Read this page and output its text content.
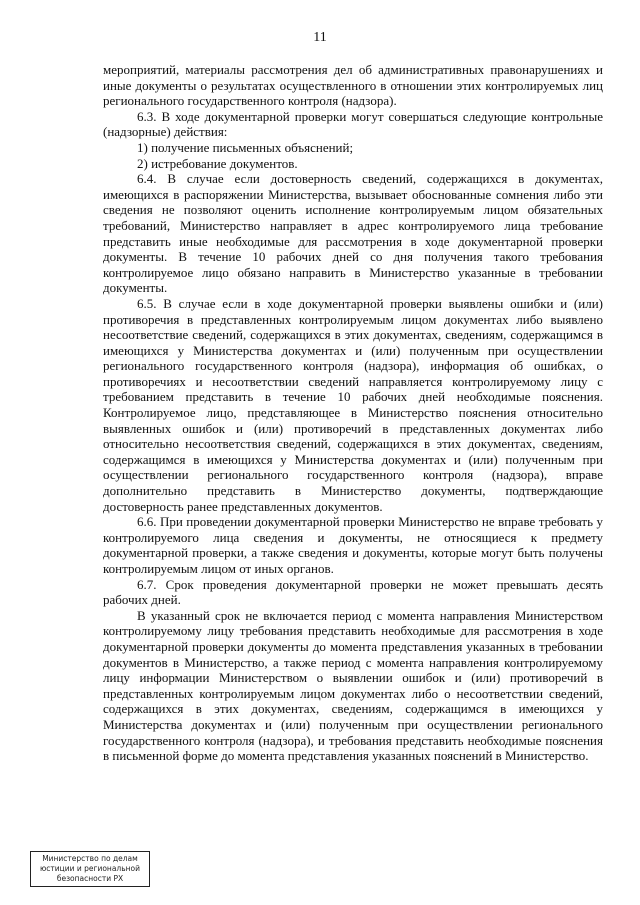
11

мероприятий, материалы рассмотрения дел об административных правонарушениях и иные документы о результатах осуществленного в отношении этих контролируемых лиц регионального государственного контроля (надзора).

6.3. В ходе документарной проверки могут совершаться следующие контрольные (надзорные) действия:

1) получение письменных объяснений;

2) истребование документов.

6.4. В случае если достоверность сведений, содержащихся в документах, имеющихся в распоряжении Министерства, вызывает обоснованные сомнения либо эти сведения не позволяют оценить исполнение контролируемым лицом обязательных требований, Министерство направляет в адрес контролируемого лица требование представить иные необходимые для рассмотрения в ходе документарной проверки документы. В течение 10 рабочих дней со дня получения такого требования контролируемое лицо обязано направить в Министерство указанные в требовании документы.

6.5. В случае если в ходе документарной проверки выявлены ошибки и (или) противоречия в представленных контролируемым лицом документах либо выявлено несоответствие сведений, содержащихся в этих документах, сведениям, содержащимся в имеющихся у Министерства документах и (или) полученным при осуществлении регионального государственного контроля (надзора), информация об ошибках, о противоречиях и несоответствии сведений направляется контролируемому лицу с требованием представить в течение 10 рабочих дней необходимые пояснения. Контролируемое лицо, представляющее в Министерство пояснения относительно выявленных ошибок и (или) противоречий в представленных документах либо относительно несоответствия сведений, содержащихся в этих документах, сведениям, содержащимся в имеющихся у Министерства документах и (или) полученным при осуществлении регионального государственного контроля (надзора), вправе дополнительно представить в Министерство документы, подтверждающие достоверность ранее представленных документов.

6.6. При проведении документарной проверки Министерство не вправе требовать у контролируемого лица сведения и документы, не относящиеся к предмету документарной проверки, а также сведения и документы, которые могут быть получены контролируемым лицом от иных органов.

6.7. Срок проведения документарной проверки не может превышать десять рабочих дней.

В указанный срок не включается период с момента направления Министерством контролируемому лицу требования представить необходимые для рассмотрения в ходе документарной проверки документы до момента представления указанных в требовании документов в Министерство, а также период с момента направления контролируемому лицу информации Министерством о выявлении ошибок и (или) противоречий в представленных контролируемым лицом документах либо о несоответствии сведений, содержащихся в этих документах, сведениям, содержащимся в имеющихся у Министерства документах и (или) полученным при осуществлении регионального государственного контроля (надзора), и требования представить необходимые пояснения в письменной форме до момента представления указанных пояснений в Министерство.

Министерство по делам
юстиции и региональной
безопасности РХ
